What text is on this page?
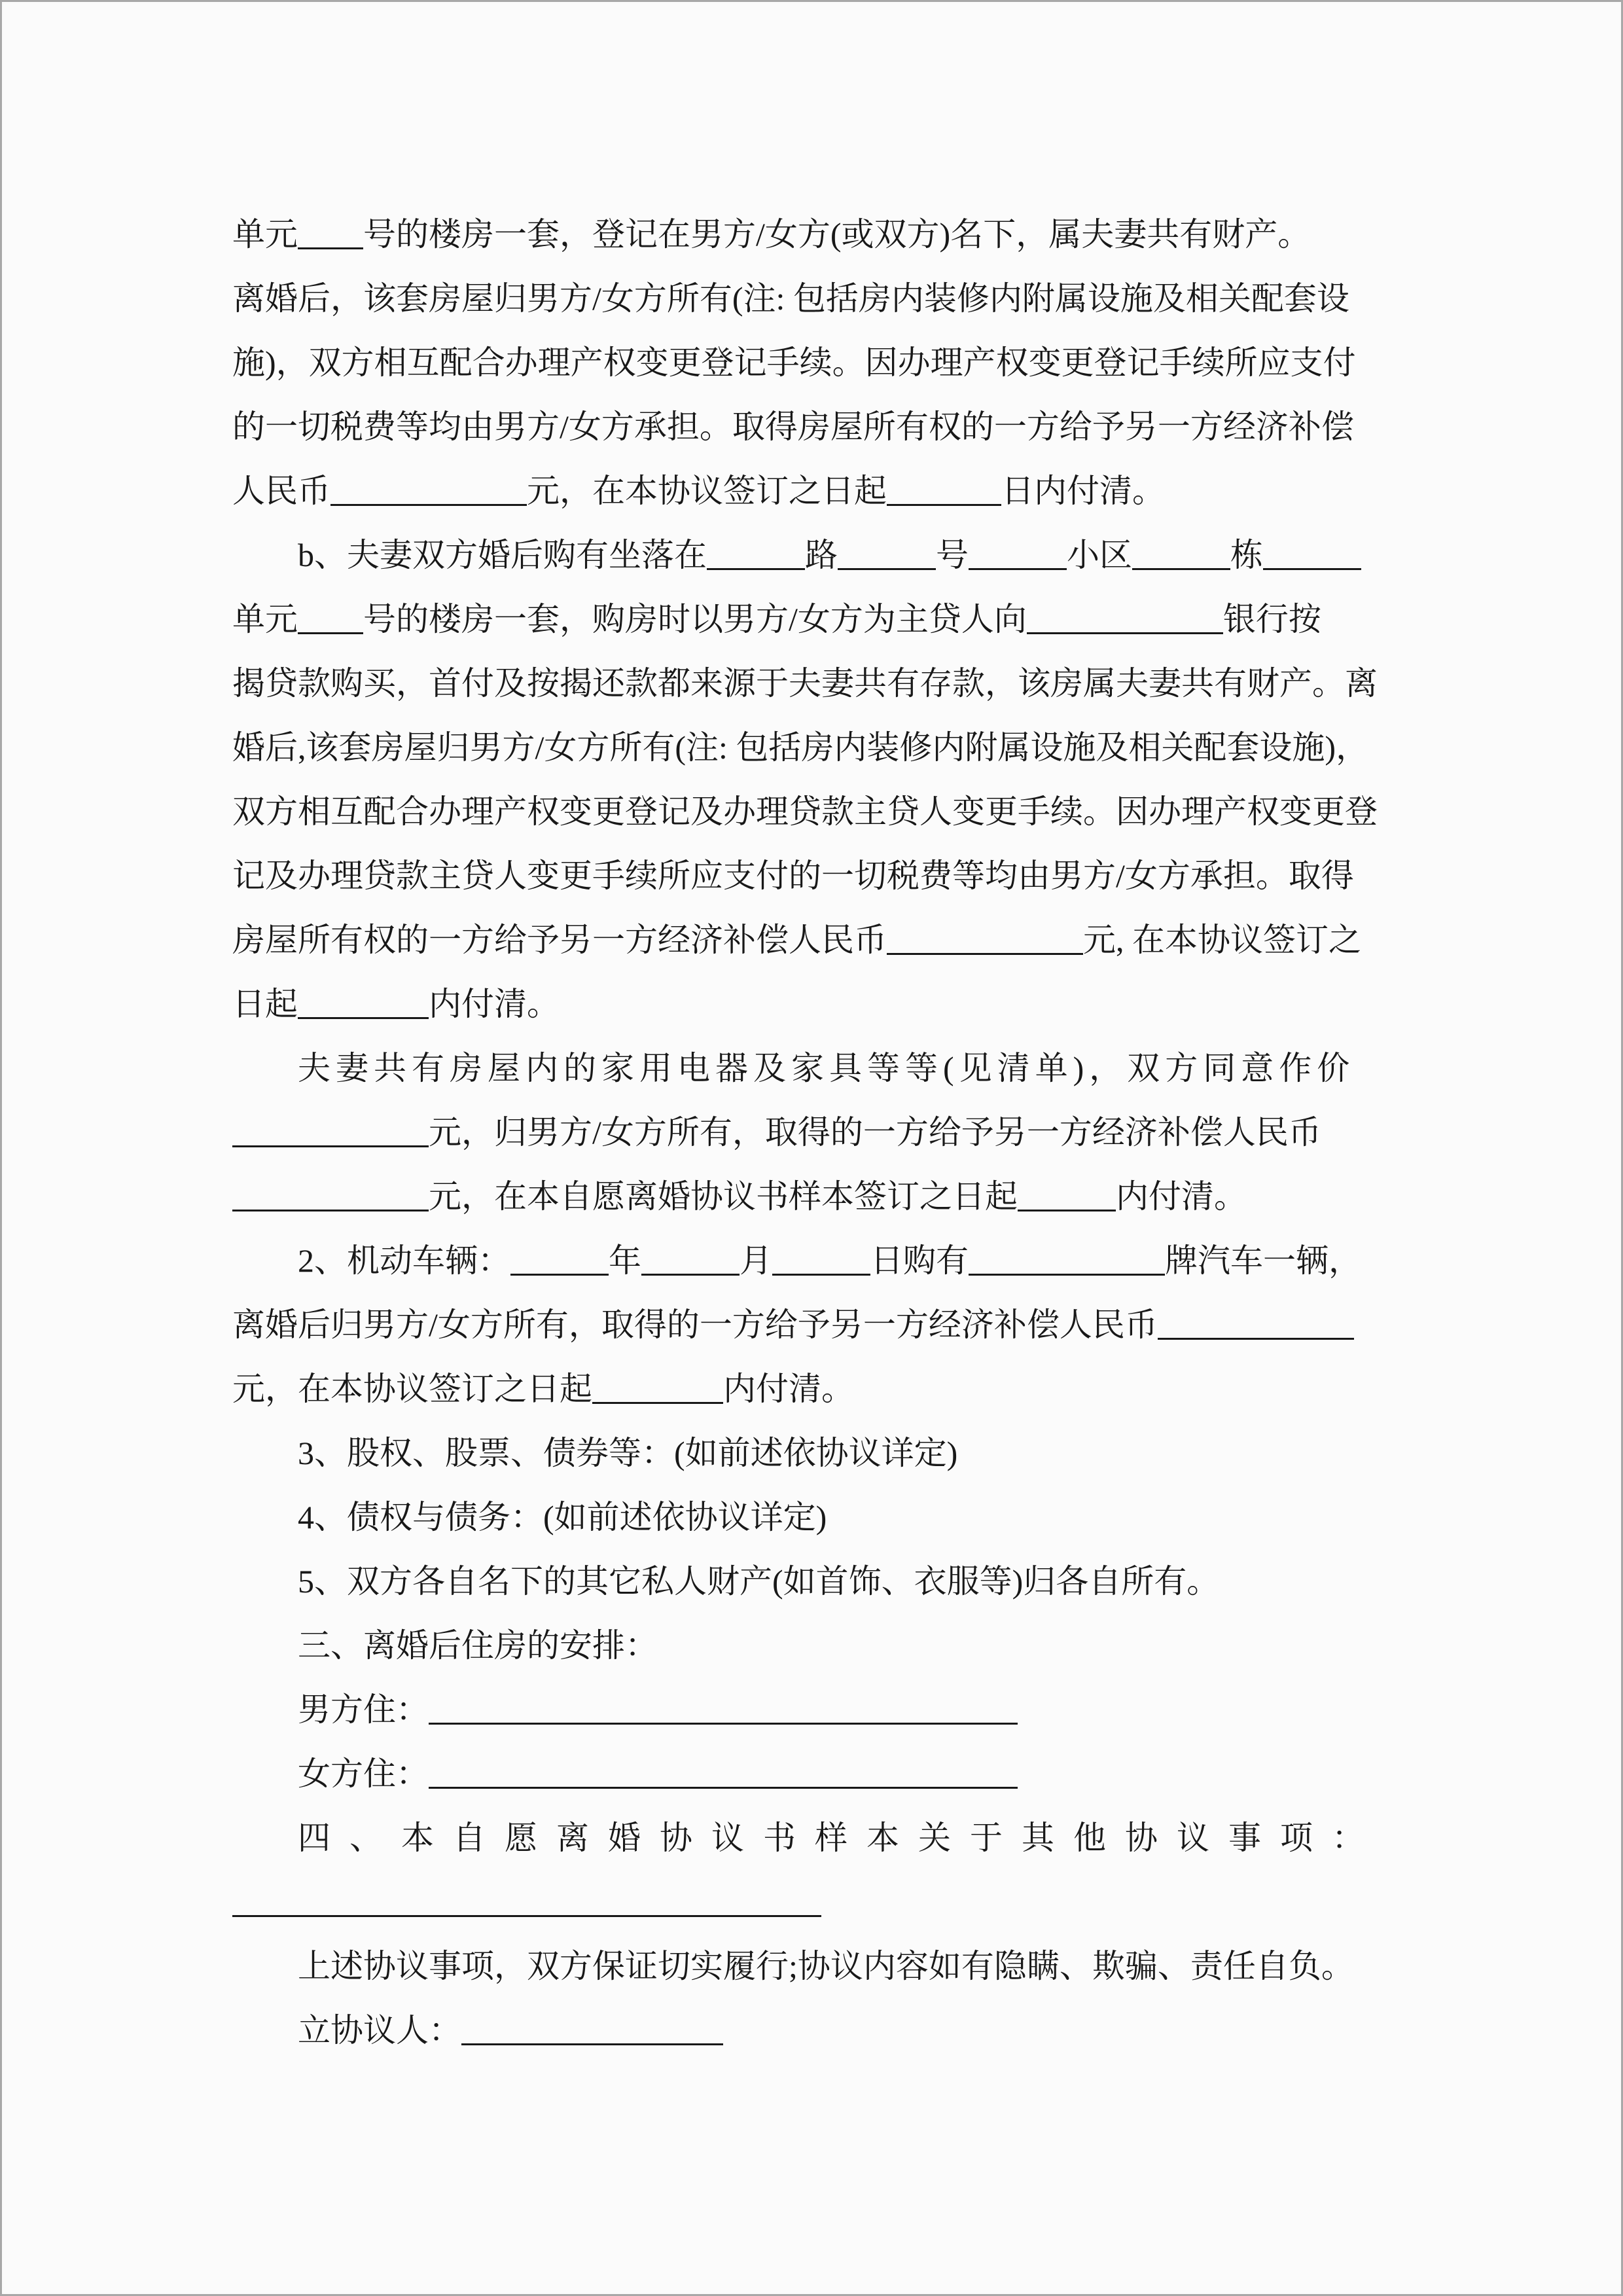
单元 号的楼房一套，登记在男方/女方(或双方)名下，属夫妻共有财产。
离婚后，该套房屋归男方/女方所有(注: 包括房内装修内附属设施及相关配套设
施)，双方相互配合办理产权变更登记手续。因办理产权变更登记手续所应支付
的一切税费等均由男方/女方承担。取得房屋所有权的一方给予另一方经济补偿
人民币	元，在本协议签订之日起	日内付清。
b、夫妻双方婚后购有坐落在	路	号	小区	栋
单元 号的楼房一套，购房时以男方/女方为主贷人向	银行按
揭贷款购买，首付及按揭还款都来源于夫妻共有存款，该房属夫妻共有财产。离
婚后,该套房屋归男方/女方所有(注: 包括房内装修内附属设施及相关配套设施)，
双方相互配合办理产权变更登记及办理贷款主贷人变更手续。因办理产权变更登
记及办理贷款主贷人变更手续所应支付的一切税费等均由男方/女方承担。取得
房屋所有权的一方给予另一方经济补偿人民币	元, 在本协议签订之
日起	内付清。
夫妻共有房屋内的家用电器及家具等等(见清单)，双方同意作价
元，归男方/女方所有，取得的一方给予另一方经济补偿人民币
元，在本自愿离婚协议书样本签订之日起	内付清。
2、机动车辆：	年	月	日购有	牌汽车一辆，
离婚后归男方/女方所有，取得的一方给予另一方经济补偿人民币
元，在本协议签订之日起	内付清。
3、股权、股票、债券等：(如前述依协议详定)
4、债权与债务：(如前述依协议详定)
5、双方各自名下的其它私人财产(如首饰、衣服等)归各自所有。
三、离婚后住房的安排：
男方住：
女方住：
四、本自愿离婚协议书样本关于其他协议事项：
上述协议事项，双方保证切实履行;协议内容如有隐瞒、欺骗、责任自负。
立协议人：
